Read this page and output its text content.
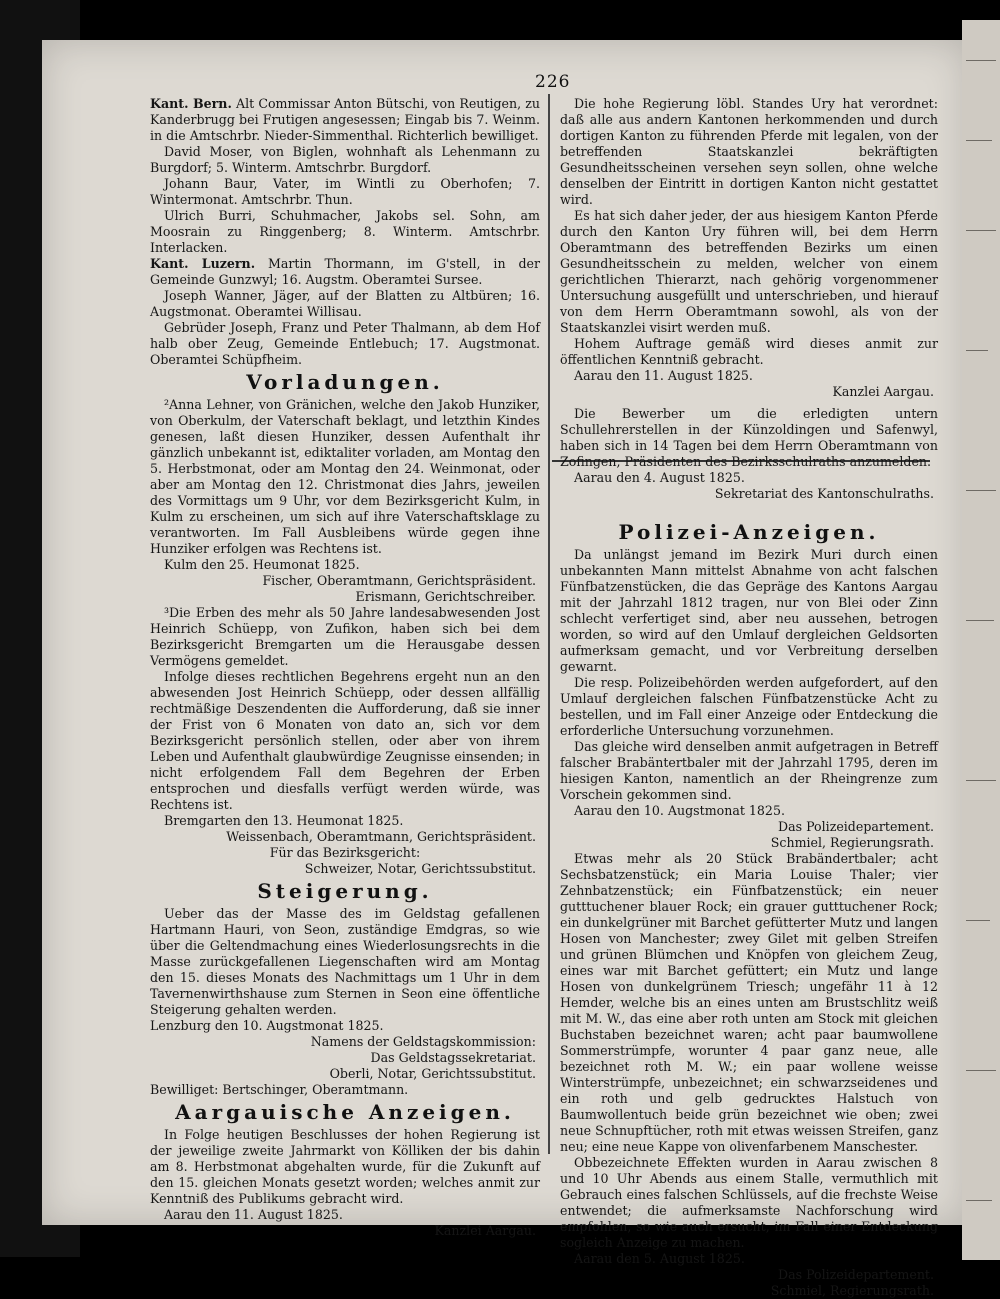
226

Kant. Bern. Alt Commissar Anton Bütschi, von Reutigen, zu Kanderbrugg bei Frutigen angesessen; Eingab bis 7. Weinm. in die Amtschrbr. Nieder-Simmenthal. Richterlich bewilliget.

David Moser, von Biglen, wohnhaft als Lehenmann zu Burgdorf; 5. Winterm. Amtschrbr. Burgdorf.

Johann Baur, Vater, im Wintli zu Oberhofen; 7. Wintermonat. Amtschrbr. Thun.

Ulrich Burri, Schuhmacher, Jakobs sel. Sohn, am Moosrain zu Ringgenberg; 8. Winterm. Amtschrbr. Interlacken.

Kant. Luzern. Martin Thormann, im G'stell, in der Gemeinde Gunzwyl; 16. Augstm. Oberamtei Sursee.

Joseph Wanner, Jäger, auf der Blatten zu Altbüren; 16. Augstmonat. Oberamtei Willisau.

Gebrüder Joseph, Franz und Peter Thalmann, ab dem Hof halb ober Zeug, Gemeinde Entlebuch; 17. Augstmonat. Oberamtei Schüpfheim.

Vorladungen.

²Anna Lehner, von Gränichen, welche den Jakob Hunziker, von Oberkulm, der Vaterschaft beklagt, und letzthin Kindes genesen, laßt diesen Hunziker, dessen Aufenthalt ihr gänzlich unbekannt ist, ediktaliter vorladen, am Montag den 5. Herbstmonat, oder am Montag den 24. Weinmonat, oder aber am Montag den 12. Christmonat dies Jahrs, jeweilen des Vormittags um 9 Uhr, vor dem Bezirksgericht Kulm, in Kulm zu erscheinen, um sich auf ihre Vaterschaftsklage zu verantworten. Im Fall Ausbleibens würde gegen ihne Hunziker erfolgen was Rechtens ist.

Kulm den 25. Heumonat 1825.

Fischer, Oberamtmann, Gerichtspräsident.

Erismann, Gerichtschreiber.

³Die Erben des mehr als 50 Jahre landesabwesenden Jost Heinrich Schüepp, von Zufikon, haben sich bei dem Bezirksgericht Bremgarten um die Herausgabe dessen Vermögens gemeldet.

Infolge dieses rechtlichen Begehrens ergeht nun an den abwesenden Jost Heinrich Schüepp, oder dessen allfällig rechtmäßige Deszendenten die Aufforderung, daß sie inner der Frist von 6 Monaten von dato an, sich vor dem Bezirksgericht persönlich stellen, oder aber von ihrem Leben und Aufenthalt glaubwürdige Zeugnisse einsenden; in nicht erfolgendem Fall dem Begehren der Erben entsprochen und diesfalls verfügt werden würde, was Rechtens ist.

Bremgarten den 13. Heumonat 1825.

Weissenbach, Oberamtmann, Gerichtspräsident.

Für das Bezirksgericht:

Schweizer, Notar, Gerichtssubstitut.

Steigerung.

Ueber das der Masse des im Geldstag gefallenen Hartmann Hauri, von Seon, zuständige Emdgras, so wie über die Geltendmachung eines Wiederlosungsrechts in die Masse zurückgefallenen Liegenschaften wird am Montag den 15. dieses Monats des Nachmittags um 1 Uhr in dem Tavernenwirthshause zum Sternen in Seon eine öffentliche Steigerung gehalten werden.

Lenzburg den 10. Augstmonat 1825.

Namens der Geldstagskommission:

Das Geldstagssekretariat.

Oberli, Notar, Gerichtssubstitut.

Bewilliget: Bertschinger, Oberamtmann.

Aargauische Anzeigen.

In Folge heutigen Beschlusses der hohen Regierung ist der jeweilige zweite Jahrmarkt von Kölliken der bis dahin am 8. Herbstmonat abgehalten wurde, für die Zukunft auf den 15. gleichen Monats gesetzt worden; welches anmit zur Kenntniß des Publikums gebracht wird.

Aarau den 11. August 1825.

Kanzlei Aargau.

Die hohe Regierung löbl. Standes Ury hat verordnet: daß alle aus andern Kantonen herkommenden und durch dortigen Kanton zu führenden Pferde mit legalen, von der betreffenden Staatskanzlei bekräftigten Gesundheitsscheinen versehen seyn sollen, ohne welche denselben der Eintritt in dortigen Kanton nicht gestattet wird.

Es hat sich daher jeder, der aus hiesigem Kanton Pferde durch den Kanton Ury führen will, bei dem Herrn Oberamtmann des betreffenden Bezirks um einen Gesundheitsschein zu melden, welcher von einem gerichtlichen Thierarzt, nach gehörig vorgenommener Untersuchung ausgefüllt und unterschrieben, und hierauf von dem Herrn Oberamtmann sowohl, als von der Staatskanzlei visirt werden muß.

Hohem Auftrage gemäß wird dieses anmit zur öffentlichen Kenntniß gebracht.

Aarau den 11. August 1825.

Kanzlei Aargau.

Die Bewerber um die erledigten untern Schullehrerstellen in der Künzoldingen und Safenwyl, haben sich in 14 Tagen bei dem Herrn Oberamtmann von Zofingen, Präsidenten des Bezirksschulraths anzumelden.

Aarau den 4. August 1825.

Sekretariat des Kantonschulraths.

Polizei-Anzeigen.

Da unlängst jemand im Bezirk Muri durch einen unbekannten Mann mittelst Abnahme von acht falschen Fünfbatzenstücken, die das Gepräge des Kantons Aargau mit der Jahrzahl 1812 tragen, nur von Blei oder Zinn schlecht verfertiget sind, aber neu aussehen, betrogen worden, so wird auf den Umlauf dergleichen Geldsorten aufmerksam gemacht, und vor Verbreitung derselben gewarnt.

Die resp. Polizeibehörden werden aufgefordert, auf den Umlauf dergleichen falschen Fünfbatzenstücke Acht zu bestellen, und im Fall einer Anzeige oder Entdeckung die erforderliche Untersuchung vorzunehmen.

Das gleiche wird denselben anmit aufgetragen in Betreff falscher Brabäntertbaler mit der Jahrzahl 1795, deren im hiesigen Kanton, namentlich an der Rheingrenze zum Vorschein gekommen sind.

Aarau den 10. Augstmonat 1825.

Das Polizeidepartement.

Schmiel, Regierungsrath.

Etwas mehr als 20 Stück Brabändertbaler; acht Sechsbatzenstück; ein Maria Louise Thaler; vier Zehnbatzenstück; ein Fünfbatzenstück; ein neuer gutttuchener blauer Rock; ein grauer gutttuchener Rock; ein dunkelgrüner mit Barchet gefütterter Mutz und langen Hosen von Manchester; zwey Gilet mit gelben Streifen und grünen Blümchen und Knöpfen von gleichem Zeug, eines war mit Barchet gefüttert; ein Mutz und lange Hosen von dunkelgrünem Triesch; ungefähr 11 à 12 Hemder, welche bis an eines unten am Brustschlitz weiß mit M. W., das eine aber roth unten am Stock mit gleichen Buchstaben bezeichnet waren; acht paar baumwollene Sommerstrümpfe, worunter 4 paar ganz neue, alle bezeichnet roth M. W.; ein paar wollene weisse Winterstrümpfe, unbezeichnet; ein schwarzseidenes und ein roth und gelb gedrucktes Halstuch von Baumwollentuch beide grün bezeichnet wie oben; zwei neue Schnupftücher, roth mit etwas weissen Streifen, ganz neu; eine neue Kappe von olivenfarbenem Manschester.

Obbezeichnete Effekten wurden in Aarau zwischen 8 und 10 Uhr Abends aus einem Stalle, vermuthlich mit Gebrauch eines falschen Schlüssels, auf die frechste Weise entwendet; die aufmerksamste Nachforschung wird empfohlen, so wie auch ersucht, im Fall einer Entdeckung sogleich Anzeige zu machen.

Aarau den 5. August 1825.

Das Polizeidepartement.

Schmiel, Regierungsrath.
